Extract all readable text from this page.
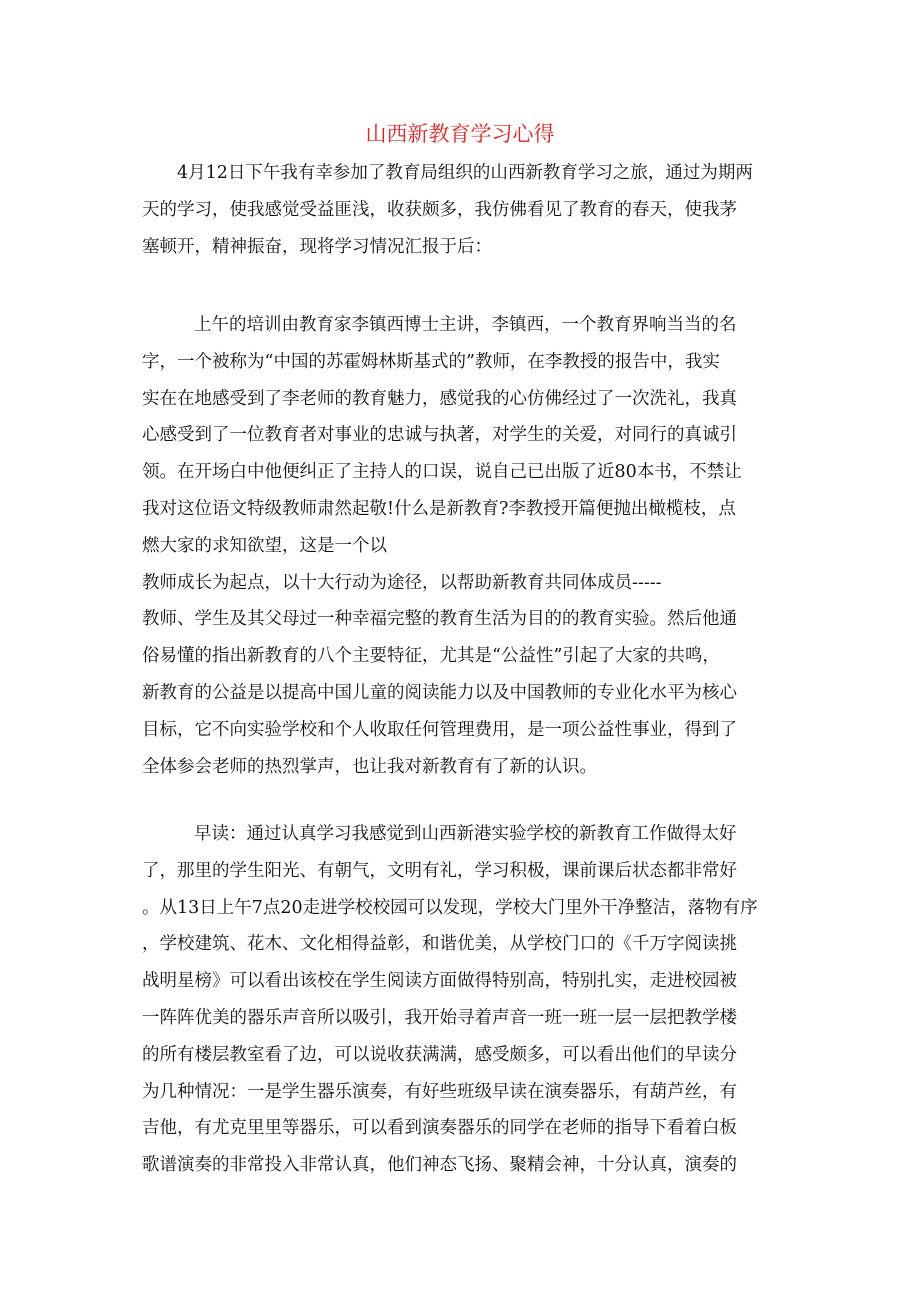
山西新教育学习心得
4月12日下午我有幸参加了教育局组织的山西新教育学习之旅，通过为期两
天的学习，使我感觉受益匪浅，收获颇多，我仿佛看见了教育的春天，使我茅
塞顿开，精神振奋，现将学习情况汇报于后：
上午的培训由教育家李镇西博士主讲，李镇西，一个教育界响当当的名
字，一个被称为“中国的苏霍姆林斯基式的”教师，在李教授的报告中，我实
实在在地感受到了李老师的教育魅力，感觉我的心仿佛经过了一次洗礼，我真
心感受到了一位教育者对事业的忠诚与执著，对学生的关爱，对同行的真诚引
领。在开场白中他便纠正了主持人的口误，说自己已出版了近80本书，不禁让
我对这位语文特级教师肃然起敬!什么是新教育?李教授开篇便抛出橄榄枝，点
燃大家的求知欲望，这是一个以
教师成长为起点，以十大行动为途径，以帮助新教育共同体成员-----
教师、学生及其父母过一种幸福完整的教育生活为目的的教育实验。然后他通
俗易懂的指出新教育的八个主要特征，尤其是“公益性”引起了大家的共鸣，
新教育的公益是以提高中国儿童的阅读能力以及中国教师的专业化水平为核心
目标，它不向实验学校和个人收取任何管理费用，是一项公益性事业，得到了
全体参会老师的热烈掌声，也让我对新教育有了新的认识。
早读：通过认真学习我感觉到山西新港实验学校的新教育工作做得太好
了，那里的学生阳光、有朝气，文明有礼，学习积极，课前课后状态都非常好
。从13日上午7点20走进学校校园可以发现，学校大门里外干净整洁，落物有序
，学校建筑、花木、文化相得益彰，和谐优美，从学校门口的《千万字阅读挑
战明星榜》可以看出该校在学生阅读方面做得特别高，特别扎实，走进校园被
一阵阵优美的器乐声音所以吸引，我开始寻着声音一班一班一层一层把教学楼
的所有楼层教室看了边，可以说收获满满，感受颇多，可以看出他们的早读分
为几种情况：一是学生器乐演奏，有好些班级早读在演奏器乐，有葫芦丝，有
吉他，有尤克里里等器乐，可以看到演奏器乐的同学在老师的指导下看着白板
歌谱演奏的非常投入非常认真，他们神态飞扬、聚精会神，十分认真，演奏的
